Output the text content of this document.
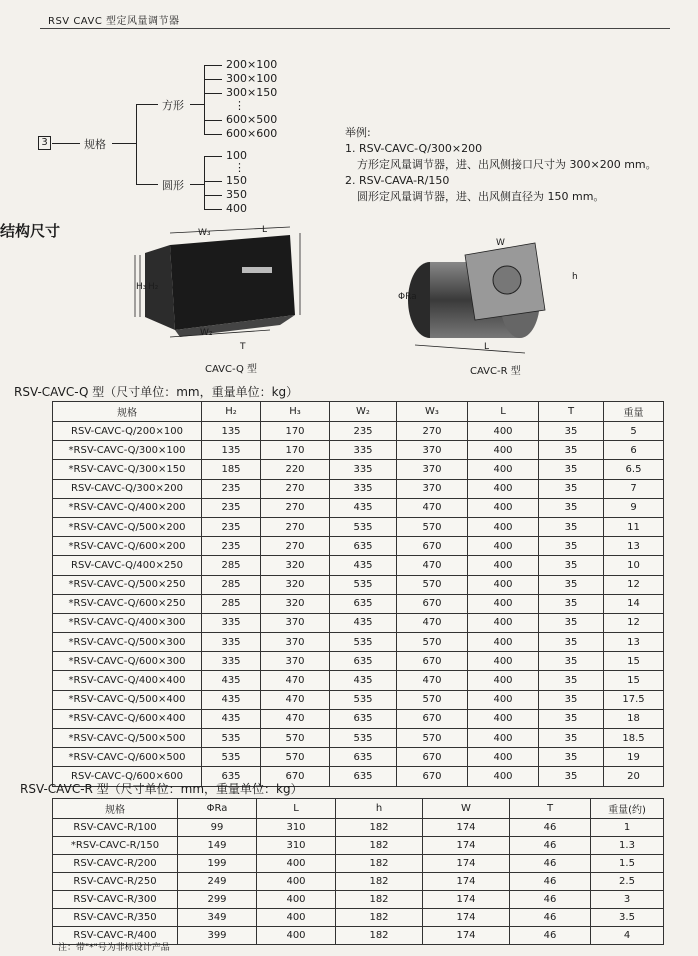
RSV CAVC 型定风量调节器
3	规格
方形
200×100
300×100
300×150
⋮
600×500
600×600
圆形
100
⋮
150
350
400
举例:
1. RSV-CAVC-Q/300×200
方形定风量调节器，进、出风侧接口尺寸为 300×200 mm。
2. RSV-CAVA-R/150
圆形定风量调节器，进、出风侧直径为 150 mm。
结构尺寸	W₃	L
H₃ H₂
W₂
T
CAVC-Q 型
W
ΦRa
L
h
CAVC-R 型
RSV-CAVC-Q 型（尺寸单位：mm，重量单位：kg）
规格	H₂	H₃	W₂	W₃	L	T	重量
RSV-CAVC-Q/200×100	135	170	235	270	400	35	5
*RSV-CAVC-Q/300×100	135	170	335	370	400	35	6
*RSV-CAVC-Q/300×150	185	220	335	370	400	35	6.5
RSV-CAVC-Q/300×200	235	270	335	370	400	35	7
*RSV-CAVC-Q/400×200	235	270	435	470	400	35	9
*RSV-CAVC-Q/500×200	235	270	535	570	400	35	11
*RSV-CAVC-Q/600×200	235	270	635	670	400	35	13
RSV-CAVC-Q/400×250	285	320	435	470	400	35	10
*RSV-CAVC-Q/500×250	285	320	535	570	400	35	12
*RSV-CAVC-Q/600×250	285	320	635	670	400	35	14
*RSV-CAVC-Q/400×300	335	370	435	470	400	35	12
*RSV-CAVC-Q/500×300	335	370	535	570	400	35	13
*RSV-CAVC-Q/600×300	335	370	635	670	400	35	15
*RSV-CAVC-Q/400×400	435	470	435	470	400	35	15
*RSV-CAVC-Q/500×400	435	470	535	570	400	35	17.5
*RSV-CAVC-Q/600×400	435	470	635	670	400	35	18
*RSV-CAVC-Q/500×500	535	570	535	570	400	35	18.5
*RSV-CAVC-Q/600×500	535	570	635	670	400	35	19
RSV-CAVC-Q/600×600	635	670	635	670	400	35	20
RSV-CAVC-R 型（尺寸单位：mm，重量单位：kg）
规格	ΦRa	L	h	W	T	重量(约)
RSV-CAVC-R/100	99	310	182	174	46	1
*RSV-CAVC-R/150	149	310	182	174	46	1.3
RSV-CAVC-R/200	199	400	182	174	46	1.5
RSV-CAVC-R/250	249	400	182	174	46	2.5
RSV-CAVC-R/300	299	400	182	174	46	3
RSV-CAVC-R/350	349	400	182	174	46	3.5
RSV-CAVC-R/400	399	400	182	174	46	4
注：带"*"号为非标设计产品
